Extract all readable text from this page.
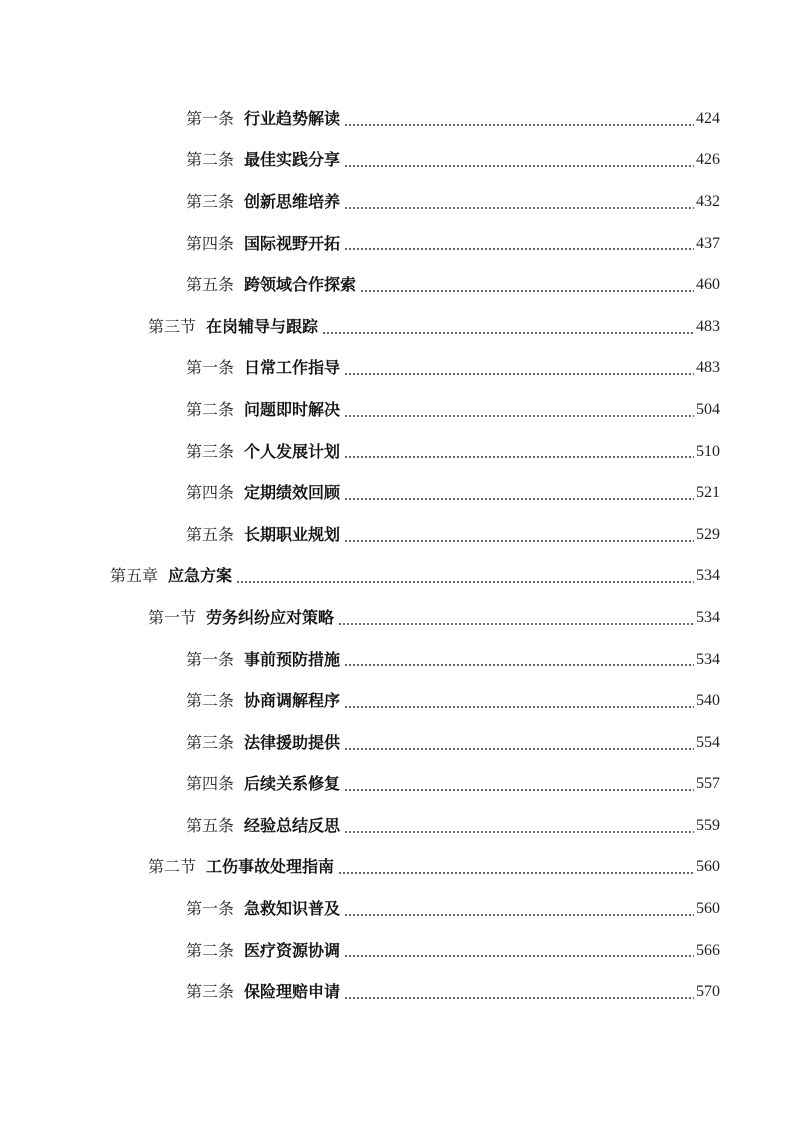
第一条 行业趋势解读	424
第二条 最佳实践分享	426
第三条 创新思维培养	432
第四条 国际视野开拓	437
第五条 跨领域合作探索	460
第三节 在岗辅导与跟踪	483
第一条 日常工作指导	483
第二条 问题即时解决	504
第三条 个人发展计划	510
第四条 定期绩效回顾	521
第五条 长期职业规划	529
第五章 应急方案	534
第一节 劳务纠纷应对策略	534
第一条 事前预防措施	534
第二条 协商调解程序	540
第三条 法律援助提供	554
第四条 后续关系修复	557
第五条 经验总结反思	559
第二节 工伤事故处理指南	560
第一条 急救知识普及	560
第二条 医疗资源协调	566
第三条 保险理赔申请	570
